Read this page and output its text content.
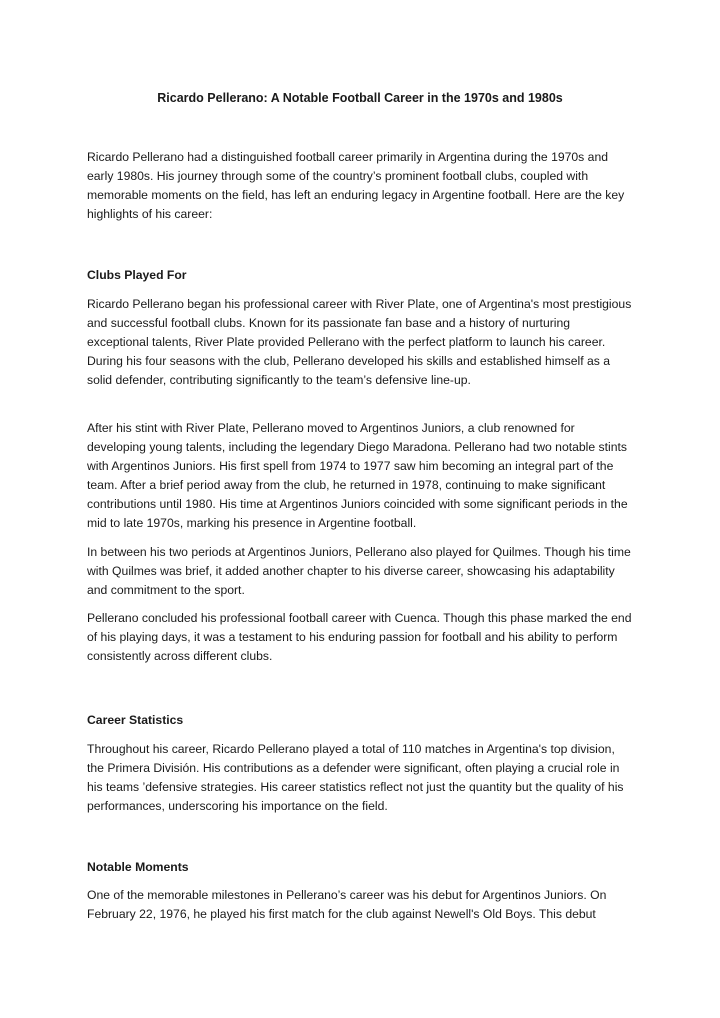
Ricardo Pellerano: A Notable Football Career in the 1970s and 1980s

Ricardo Pellerano had a distinguished football career primarily in Argentina during the 1970s and early 1980s. His journey through some of the country’s prominent football clubs, coupled with memorable moments on the field, has left an enduring legacy in Argentine football. Here are the key highlights of his career:

Clubs Played For

Ricardo Pellerano began his professional career with River Plate, one of Argentina's most prestigious and successful football clubs. Known for its passionate fan base and a history of nurturing exceptional talents, River Plate provided Pellerano with the perfect platform to launch his career. During his four seasons with the club, Pellerano developed his skills and established himself as a solid defender, contributing significantly to the team’s defensive line-up.

After his stint with River Plate, Pellerano moved to Argentinos Juniors, a club renowned for developing young talents, including the legendary Diego Maradona. Pellerano had two notable stints with Argentinos Juniors. His first spell from 1974 to 1977 saw him becoming an integral part of the team. After a brief period away from the club, he returned in 1978, continuing to make significant contributions until 1980. His time at Argentinos Juniors coincided with some significant periods in the mid to late 1970s, marking his presence in Argentine football.

In between his two periods at Argentinos Juniors, Pellerano also played for Quilmes. Though his time with Quilmes was brief, it added another chapter to his diverse career, showcasing his adaptability and commitment to the sport.

Pellerano concluded his professional football career with Cuenca. Though this phase marked the end of his playing days, it was a testament to his enduring passion for football and his ability to perform consistently across different clubs.

Career Statistics

Throughout his career, Ricardo Pellerano played a total of 110 matches in Argentina's top division, the Primera División. His contributions as a defender were significant, often playing a crucial role in his teams ’defensive strategies. His career statistics reflect not just the quantity but the quality of his performances, underscoring his importance on the field.

Notable Moments

One of the memorable milestones in Pellerano’s career was his debut for Argentinos Juniors. On February 22, 1976, he played his first match for the club against Newell's Old Boys. This debut
